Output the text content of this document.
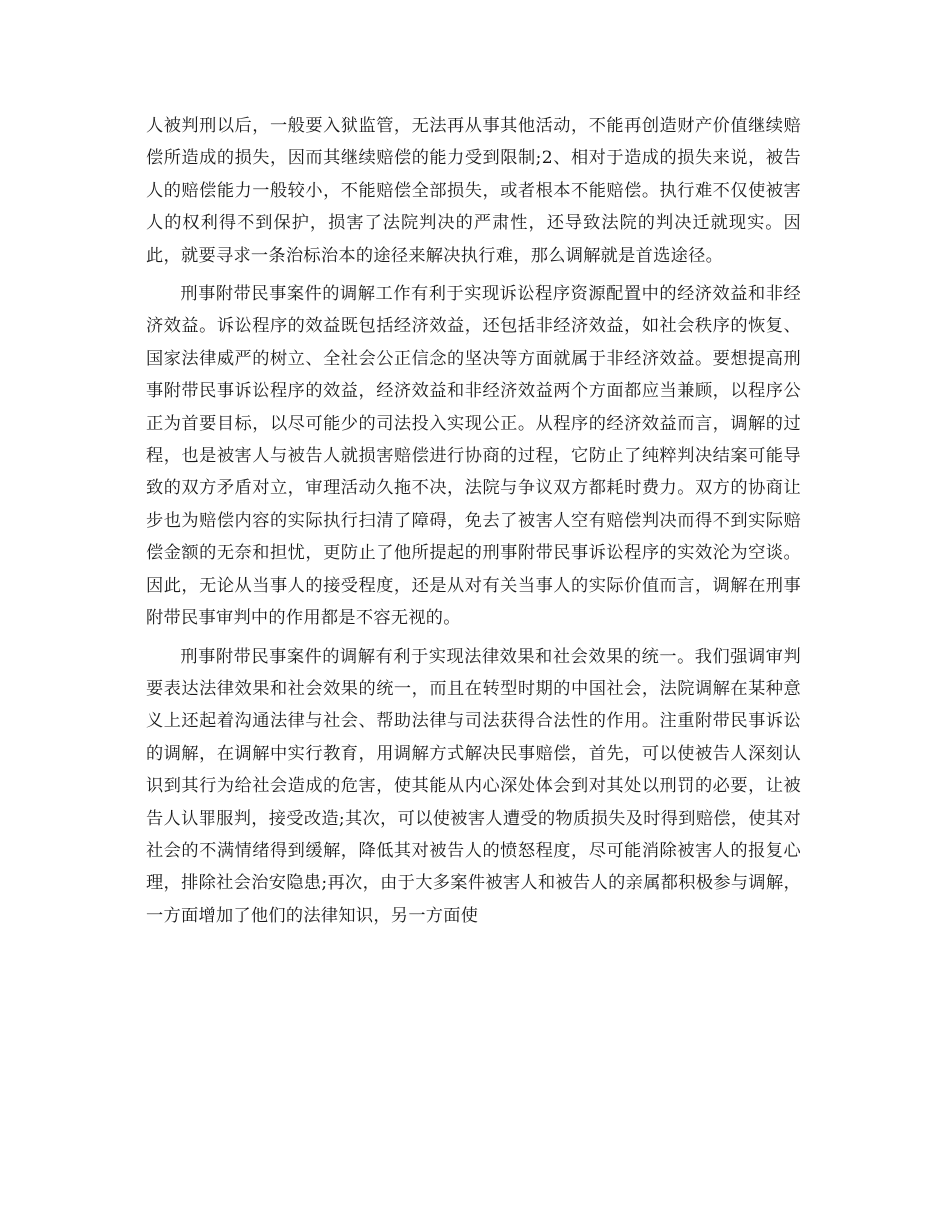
人被判刑以后，一般要入狱监管，无法再从事其他活动，不能再创造财产价值继续赔偿所造成的损失，因而其继续赔偿的能力受到限制;2、相对于造成的损失来说，被告人的赔偿能力一般较小，不能赔偿全部损失，或者根本不能赔偿。执行难不仅使被害人的权利得不到保护，损害了法院判决的严肃性，还导致法院的判决迁就现实。因此，就要寻求一条治标治本的途径来解决执行难，那么调解就是首选途径。

刑事附带民事案件的调解工作有利于实现诉讼程序资源配置中的经济效益和非经济效益。诉讼程序的效益既包括经济效益，还包括非经济效益，如社会秩序的恢复、国家法律威严的树立、全社会公正信念的坚决等方面就属于非经济效益。要想提高刑事附带民事诉讼程序的效益，经济效益和非经济效益两个方面都应当兼顾，以程序公正为首要目标，以尽可能少的司法投入实现公正。从程序的经济效益而言，调解的过程，也是被害人与被告人就损害赔偿进行协商的过程，它防止了纯粹判决结案可能导致的双方矛盾对立，审理活动久拖不决，法院与争议双方都耗时费力。双方的协商让步也为赔偿内容的实际执行扫清了障碍，免去了被害人空有赔偿判决而得不到实际赔偿金额的无奈和担忧，更防止了他所提起的刑事附带民事诉讼程序的实效沦为空谈。因此，无论从当事人的接受程度，还是从对有关当事人的实际价值而言，调解在刑事附带民事审判中的作用都是不容无视的。

刑事附带民事案件的调解有利于实现法律效果和社会效果的统一。我们强调审判要表达法律效果和社会效果的统一，而且在转型时期的中国社会，法院调解在某种意义上还起着沟通法律与社会、帮助法律与司法获得合法性的作用。注重附带民事诉讼的调解，在调解中实行教育，用调解方式解决民事赔偿，首先，可以使被告人深刻认识到其行为给社会造成的危害，使其能从内心深处体会到对其处以刑罚的必要，让被告人认罪服判，接受改造;其次，可以使被害人遭受的物质损失及时得到赔偿，使其对社会的不满情绪得到缓解，降低其对被告人的愤怒程度，尽可能消除被害人的报复心理，排除社会治安隐患;再次，由于大多案件被害人和被告人的亲属都积极参与调解，一方面增加了他们的法律知识，另一方面使
